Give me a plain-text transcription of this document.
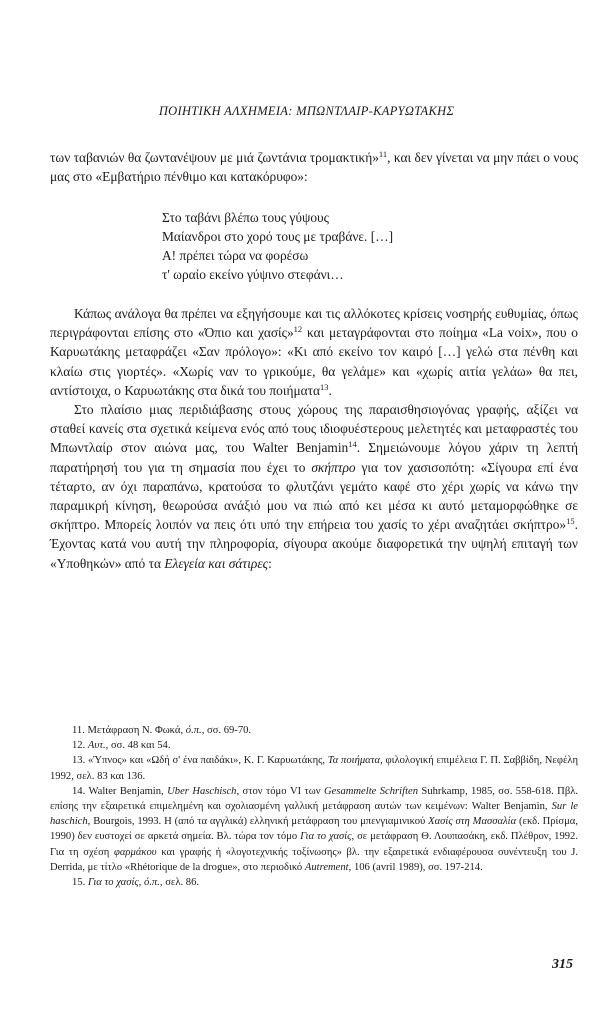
ΠΟΙΗΤΙΚΗ ΑΛΧΗΜΕΙΑ: ΜΠΩΝΤΛΑΙΡ-ΚΑΡΥΩΤΑΚΗΣ

των ταβανιών θα ζωντανέψουν με μιά ζωντάνια τρομακτική»$^{11}$, και δεν γίνεται να μην πάει ο νους μας στο «Εμβατήριο πένθιμο και κατακόρυφο»:

Στο ταβάνι βλέπω τους γύψους
Μαίανδροι στο χορό τους με τραβάνε. […]
Α! πρέπει τώρα να φορέσω
τ' ωραίο εκείνο γύψινο στεφάνι…

Κάπως ανάλογα θα πρέπει να εξηγήσουμε και τις αλλόκοτες κρίσεις νοσηρής ευθυμίας, όπως περιγράφονται επίσης στο «Όπιο και χασίς»$^{12}$ και μεταγράφονται στο ποίημα «La voix», που ο Καρυωτάκης μεταφράζει «Σαν πρόλογο»: «Κι από εκείνο τον καιρό […] γελώ στα πένθη και κλαίω στις γιορτές». «Χωρίς ναν το γρικούμε, θα γελάμε» και «χωρίς αιτία γελάω» θα πει, αντίστοιχα, ο Καρυωτάκης στα δικά του ποιήματα$^{13}$.

Στο πλαίσιο μιας περιδιάβασης στους χώρους της παραισθησιογόνας γραφής, αξίζει να σταθεί κανείς στα σχετικά κείμενα ενός από τους ιδιοφυέστερους μελετητές και μεταφραστές του Μπωντλαίρ στον αιώνα μας, του Walter Benjamin$^{14}$. Σημειώνουμε λόγου χάριν τη λεπτή παρατήρησή του για τη σημασία που έχει το σκήπτρο για τον χασισοπότη: «Σίγουρα επί ένα τέταρτο, αν όχι παραπάνω, κρατούσα το φλυτζάνι γεμάτο καφέ στο χέρι χωρίς να κάνω την παραμικρή κίνηση, θεωρούσα ανάξιό μου να πιώ από κει μέσα κι αυτό μεταμορφώθηκε σε σκήπτρο. Μπορείς λοιπόν να πεις ότι υπό την επήρεια του χασίς το χέρι αναζητάει σκήπτρο»$^{15}$. Έχοντας κατά νου αυτή την πληροφορία, σίγουρα ακούμε διαφορετικά την υψηλή επιταγή των «Υποθηκών» από τα Ελεγεία και σάτιρες:

11. Μετάφραση Ν. Φωκά, ό.π., σσ. 69-70.

12. Αυτ., σσ. 48 και 54.

13. «Ύπνος» και «Ωδή σ' ένα παιδάκι», Κ. Γ. Καρυωτάκης, Τα ποιήματα, φιλολογική επιμέλεια Γ. Π. Σαββίδη, Νεφέλη 1992, σελ. 83 και 136.

14. Walter Benjamin, Uber Haschisch, στον τόμο VI των Gesammelte Schriften Suhrkamp, 1985, σσ. 558-618. Πβλ. επίσης την εξαιρετικά επιμελημένη και σχολιασμένη γαλλική μετάφραση αυτών των κειμένων: Walter Benjamin, Sur le haschich, Bourgois, 1993. Η (από τα αγγλικά) ελληνική μετάφραση του μπενγιαμινικού Χασίς στη Μασσαλία (εκδ. Πρίσμα, 1990) δεν ευστοχεί σε αρκετά σημεία. Βλ. τώρα τον τόμο Για το χασίς, σε μετάφραση Θ. Λουπασάκη, εκδ. Πλέθρον, 1992. Για τη σχέση φαρμάκου και γραφής ή «λογοτεχνικής τοξίνωσης» βλ. την εξαιρετικά ενδιαφέρουσα συνέντευξη του J. Derrida, με τίτλο «Rhétorique de la drogue», στο περιοδικό Autrement, 106 (avril 1989), σσ. 197-214.

15. Για το χασίς, ό.π., σελ. 86.

315
